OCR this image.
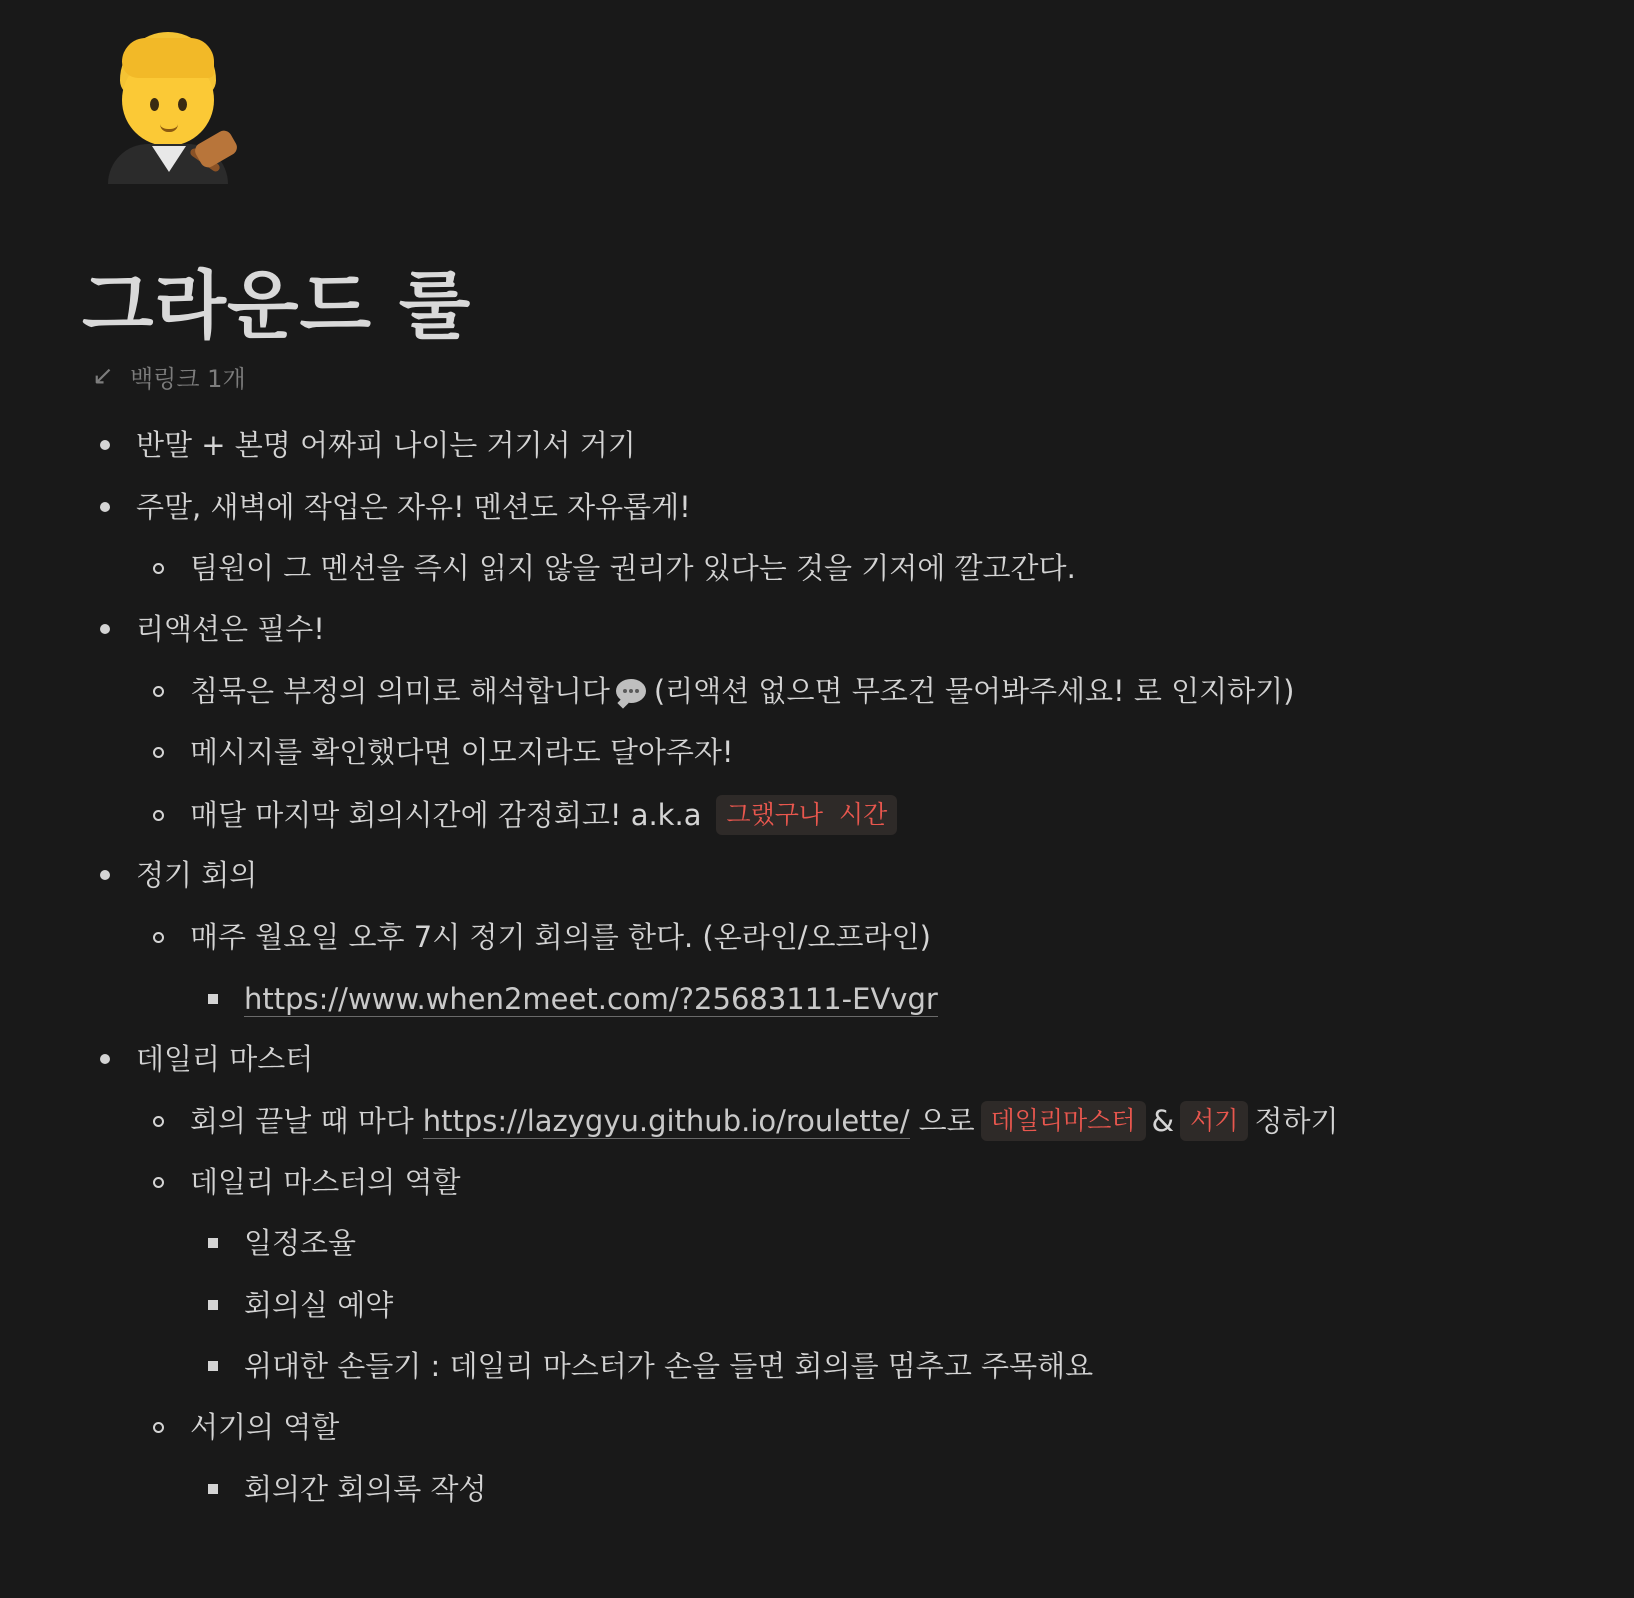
그라운드 룰
↙ 백링크 1개
반말 + 본명 어짜피 나이는 거기서 거기
주말, 새벽에 작업은 자유! 멘션도 자유롭게!
팀원이 그 멘션을 즉시 읽지 않을 권리가 있다는 것을 기저에 깔고간다.
리액션은 필수!
침묵은 부정의 의미로 해석합니다 (리액션 없으면 무조건 물어봐주세요! 로 인지하기)
메시지를 확인했다면 이모지라도 달아주자!
매달 마지막 회의시간에 감정회고! a.k.a	그랬구나  시간
정기 회의
매주 월요일 오후 7시 정기 회의를 한다. (온라인/오프라인)
https://www.when2meet.com/?25683111-EVvgr
데일리 마스터
회의 끝날 때 마다 https://lazygyu.github.io/roulette/ 으로 데일리마스터 & 서기 정하기
데일리 마스터의 역할
일정조율
회의실 예약
위대한 손들기 : 데일리 마스터가 손을 들면 회의를 멈추고 주목해요
서기의 역할
회의간 회의록 작성
